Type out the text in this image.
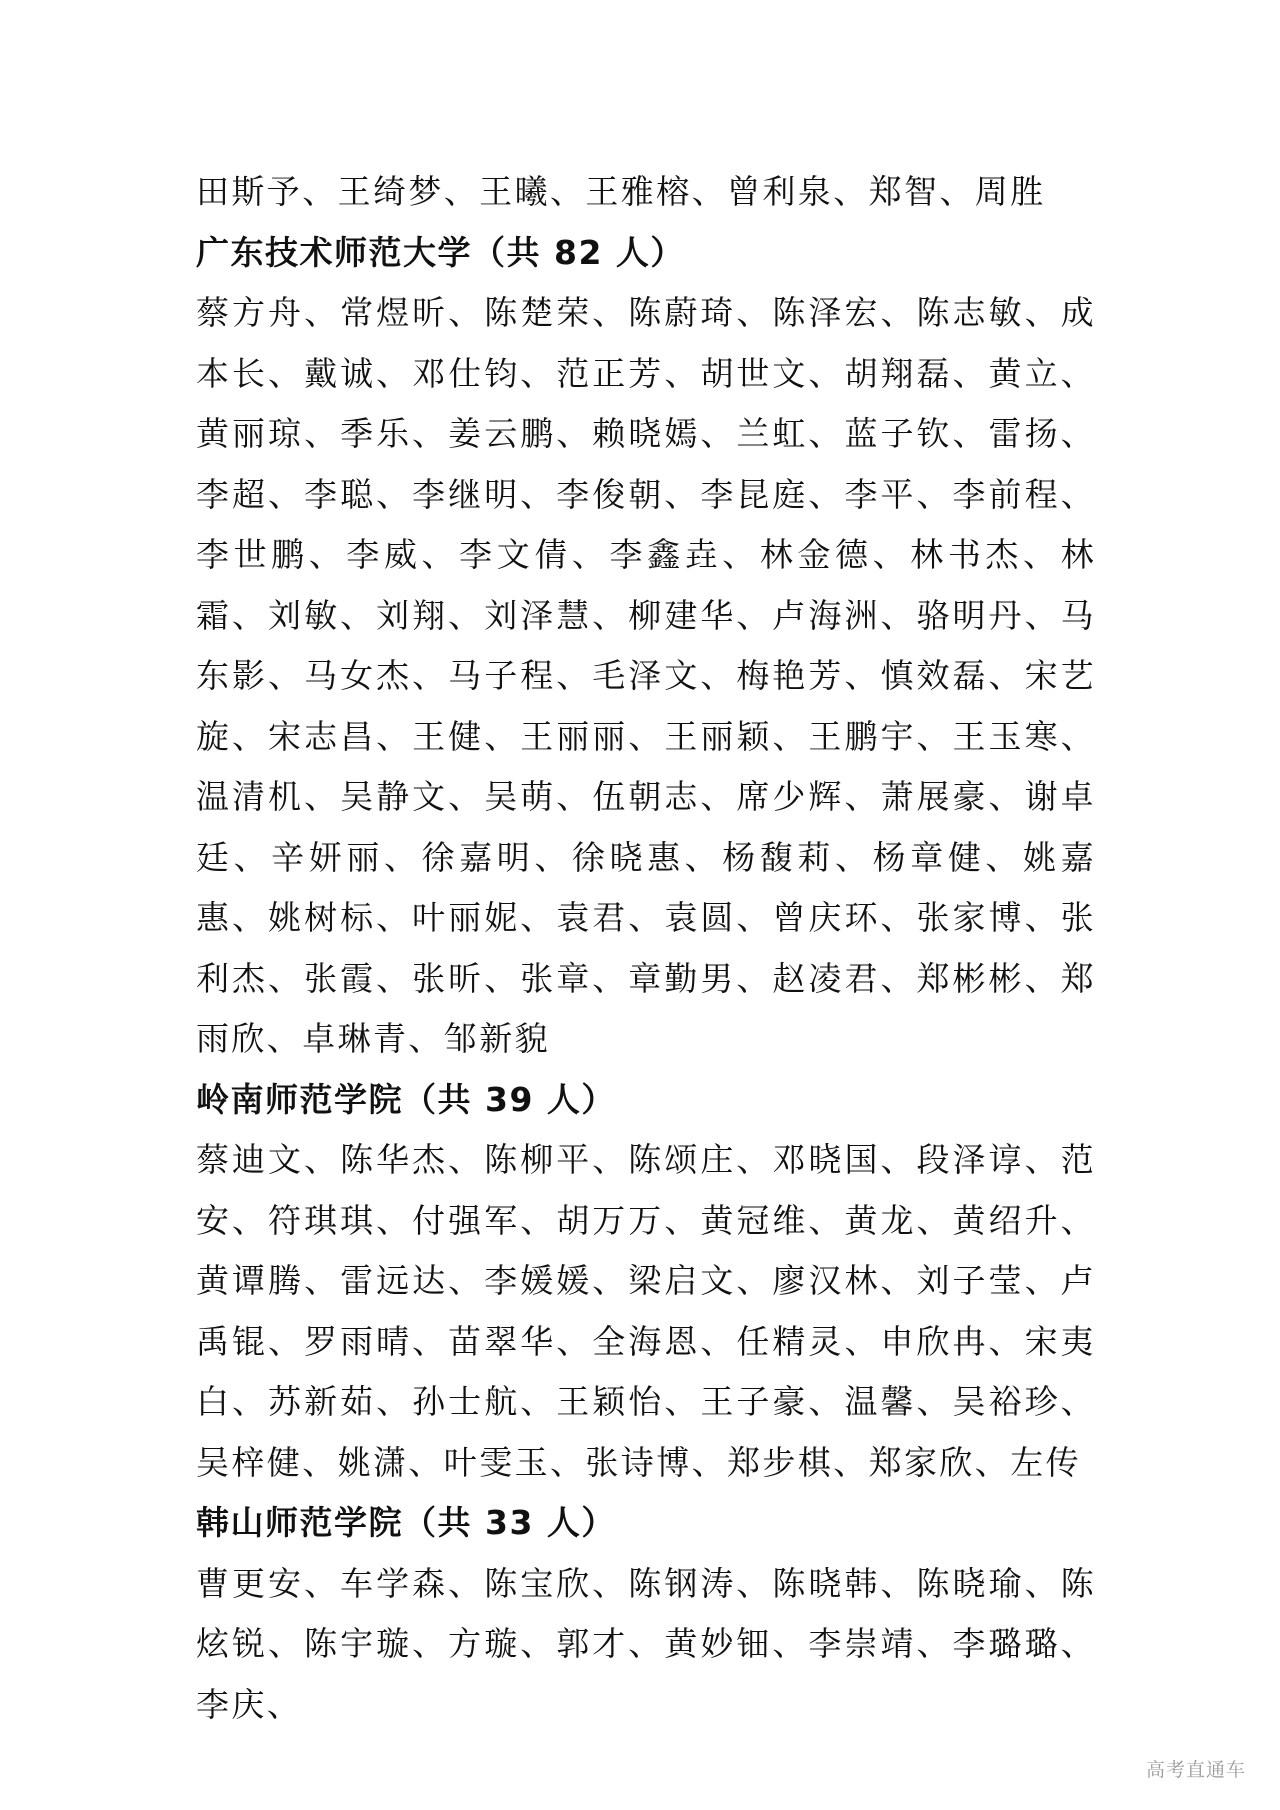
田斯予、王绮梦、王曦、王雅榕、曾利泉、郑智、周胜

广东技术师范大学（共 82 人）

蔡方舟、常煜昕、陈楚荣、陈蔚琦、陈泽宏、陈志敏、成本长、戴诚、邓仕钧、范正芳、胡世文、胡翔磊、黄立、黄丽琼、季乐、姜云鹏、赖晓嫣、兰虹、蓝子钦、雷扬、李超、李聪、李继明、李俊朝、李昆庭、李平、李前程、李世鹏、李威、李文倩、李鑫垚、林金德、林书杰、林霜、刘敏、刘翔、刘泽慧、柳建华、卢海洲、骆明丹、马东影、马女杰、马子程、毛泽文、梅艳芳、慎效磊、宋艺旋、宋志昌、王健、王丽丽、王丽颖、王鹏宇、王玉寒、温清机、吴静文、吴萌、伍朝志、席少辉、萧展豪、谢卓廷、辛妍丽、徐嘉明、徐晓惠、杨馥莉、杨章健、姚嘉惠、姚树标、叶丽妮、袁君、袁圆、曾庆环、张家博、张利杰、张霞、张昕、张章、章勤男、赵凌君、郑彬彬、郑雨欣、卓琳青、邹新貌

岭南师范学院（共 39 人）

蔡迪文、陈华杰、陈柳平、陈颂庄、邓晓国、段泽谆、范安、符琪琪、付强军、胡万万、黄冠维、黄龙、黄绍升、黄谭腾、雷远达、李媛媛、梁启文、廖汉林、刘子莹、卢禹锟、罗雨晴、苗翠华、全海恩、任精灵、申欣冉、宋夷白、苏新茹、孙士航、王颖怡、王子豪、温馨、吴裕珍、吴梓健、姚潇、叶雯玉、张诗博、郑步棋、郑家欣、左传

韩山师范学院（共 33 人）

曹更安、车学森、陈宝欣、陈钢涛、陈晓韩、陈晓瑜、陈炫锐、陈宇璇、方璇、郭才、黄妙钿、李崇靖、李璐璐、李庆、

高考直通车
